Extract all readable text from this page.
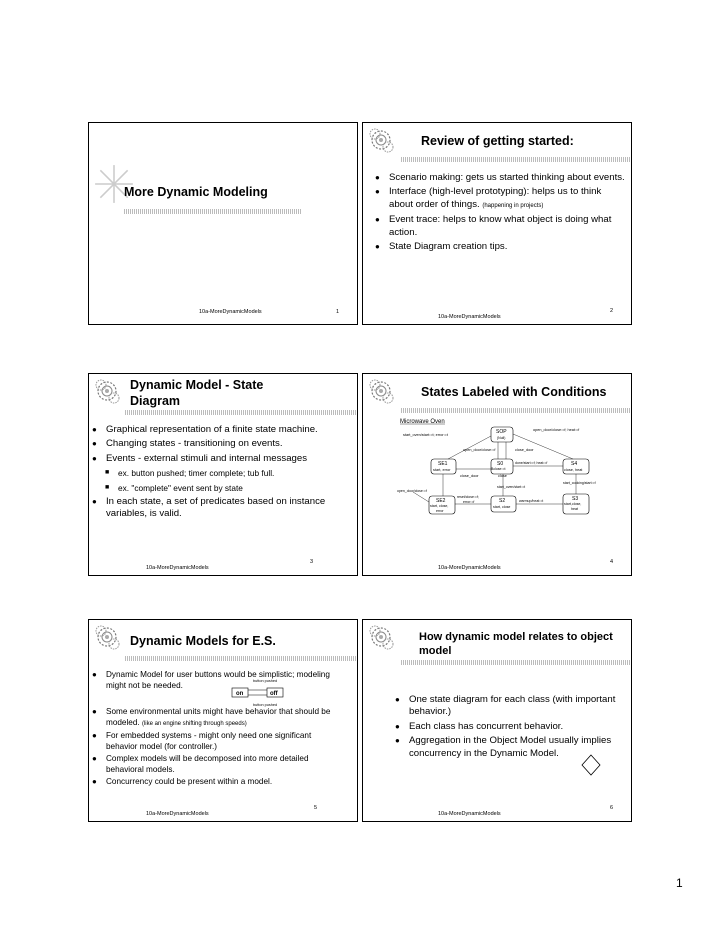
More Dynamic Modeling
10a-MoreDynamicModels	1
Review of getting started:
● Scenario making: gets us started thinking about events.
● Interface (high-level prototyping): helps us to think about order of things. (happening in projects)
● Event trace: helps to know what object is doing what action.
● State Diagram creation tips.
10a-MoreDynamicModels
2
Dynamic Model - State Diagram
● Graphical representation of a finite state machine.
● Changing states - transitioning on events.
● Events - external stimuli and internal messages
■ ex. button pushed; timer complete; tub full.
■ ex. "complete" event sent by state
● In each state, a set of predicates based on instance variables, is valid.
10a-MoreDynamicModels
3
States Labeled with Conditions
Microwave Oven
SOP
(Null)
SE1
start, error
S0	S4
close, heat
SE2
start, close,
error
S2
start, close
S3
start,close,
heat
start_oven/start:=t; error:=t
open_door/close:=f; heat:=f
open_door/close:=f	close_door
done/start:=f; heat:=f
close_door
Bclose:=t
close
start_cooking/start:=f
start_oven/start:=t
open_door/close:=f
reset/close:=f;
error:=f	warmup/heat:=t
10a-MoreDynamicModels
4
Dynamic Models for E.S.
● Dynamic Model for user buttons would be simplistic; modeling might not be needed.
● Some environmental units might have behavior that should be modeled. (like an engine shifting through speeds)
● For embedded systems - might only need one significant behavior model (for controller.)
● Complex models will be decomposed into more detailed behavioral models.
● Concurrency could be present within a model.
button pushed
on	off
button pushed
10a-MoreDynamicModels
5
How dynamic model relates to object model
● One state diagram for each class (with important behavior.)
● Each class has concurrent behavior.
● Aggregation in the Object Model usually implies concurrency in the Dynamic Model.
10a-MoreDynamicModels
6
1
